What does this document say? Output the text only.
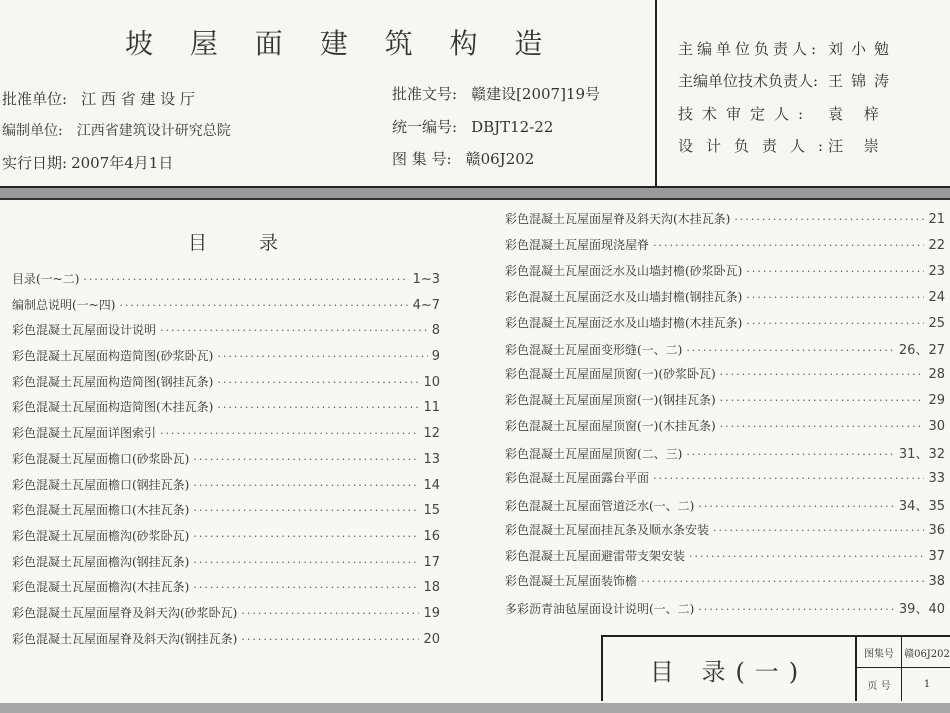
坡 屋 面 建 筑 构 造
批准单位: 江 西 省 建 设 厅
编制单位: 江西省建筑设计研究总院
实行日期: 2007年4月1日
批准文号: 赣建设[2007]19号
统一编号: DBJT12-22
图 集 号: 赣06J202
主编单位负责人: 刘小勉
主编单位技术负责人: 王锦涛
技术审定人: 袁 梓
设计负责人:汪 崇
目	录
目录(一~二) ·····	1~3
编制总说明(一~四) ·····	4~7
彩色混凝土瓦屋面设计说明 ·····	8
彩色混凝土瓦屋面构造简图(砂浆卧瓦) ·····	9
彩色混凝土瓦屋面构造简图(钢挂瓦条) ·····	10
彩色混凝土瓦屋面构造简图(木挂瓦条) ·····	11
彩色混凝土瓦屋面详图索引 ·····	12
彩色混凝土瓦屋面檐口(砂浆卧瓦) ·····	13
彩色混凝土瓦屋面檐口(钢挂瓦条) ·····	14
彩色混凝土瓦屋面檐口(木挂瓦条) ·····	15
彩色混凝土瓦屋面檐沟(砂浆卧瓦) ·····	16
彩色混凝土瓦屋面檐沟(钢挂瓦条) ·····	17
彩色混凝土瓦屋面檐沟(木挂瓦条) ·····	18
彩色混凝土瓦屋面屋脊及斜天沟(砂浆卧瓦) ·····	19
彩色混凝土瓦屋面屋脊及斜天沟(钢挂瓦条) ·····	20
彩色混凝土瓦屋面屋脊及斜天沟(木挂瓦条) ·····	21
彩色混凝土瓦屋面现浇屋脊 ·····	22
彩色混凝土瓦屋面泛水及山墙封檐(砂浆卧瓦) ·····	23
彩色混凝土瓦屋面泛水及山墙封檐(钢挂瓦条) ·····	24
彩色混凝土瓦屋面泛水及山墙封檐(木挂瓦条) ·····	25
彩色混凝土瓦屋面变形缝(一、二) ·····	26、27
彩色混凝土瓦屋面屋顶窗(一)(砂浆卧瓦) ·····	28
彩色混凝土瓦屋面屋顶窗(一)(钢挂瓦条) ·····	29
彩色混凝土瓦屋面屋顶窗(一)(木挂瓦条) ·····	30
彩色混凝土瓦屋面屋顶窗(二、三) ·····	31、32
彩色混凝土瓦屋面露台平面 ·····	33
彩色混凝土瓦屋面管道泛水(一、二) ·····	34、35
彩色混凝土瓦屋面挂瓦条及顺水条安装 ·····	36
彩色混凝土瓦屋面避雷带支架安装 ·····	37
彩色混凝土瓦屋面装饰檐 ·····	38
多彩沥青油毡屋面设计说明(一、二) ·····	39、40
目 录(一)
图集号	赣06J202
页 号	1
